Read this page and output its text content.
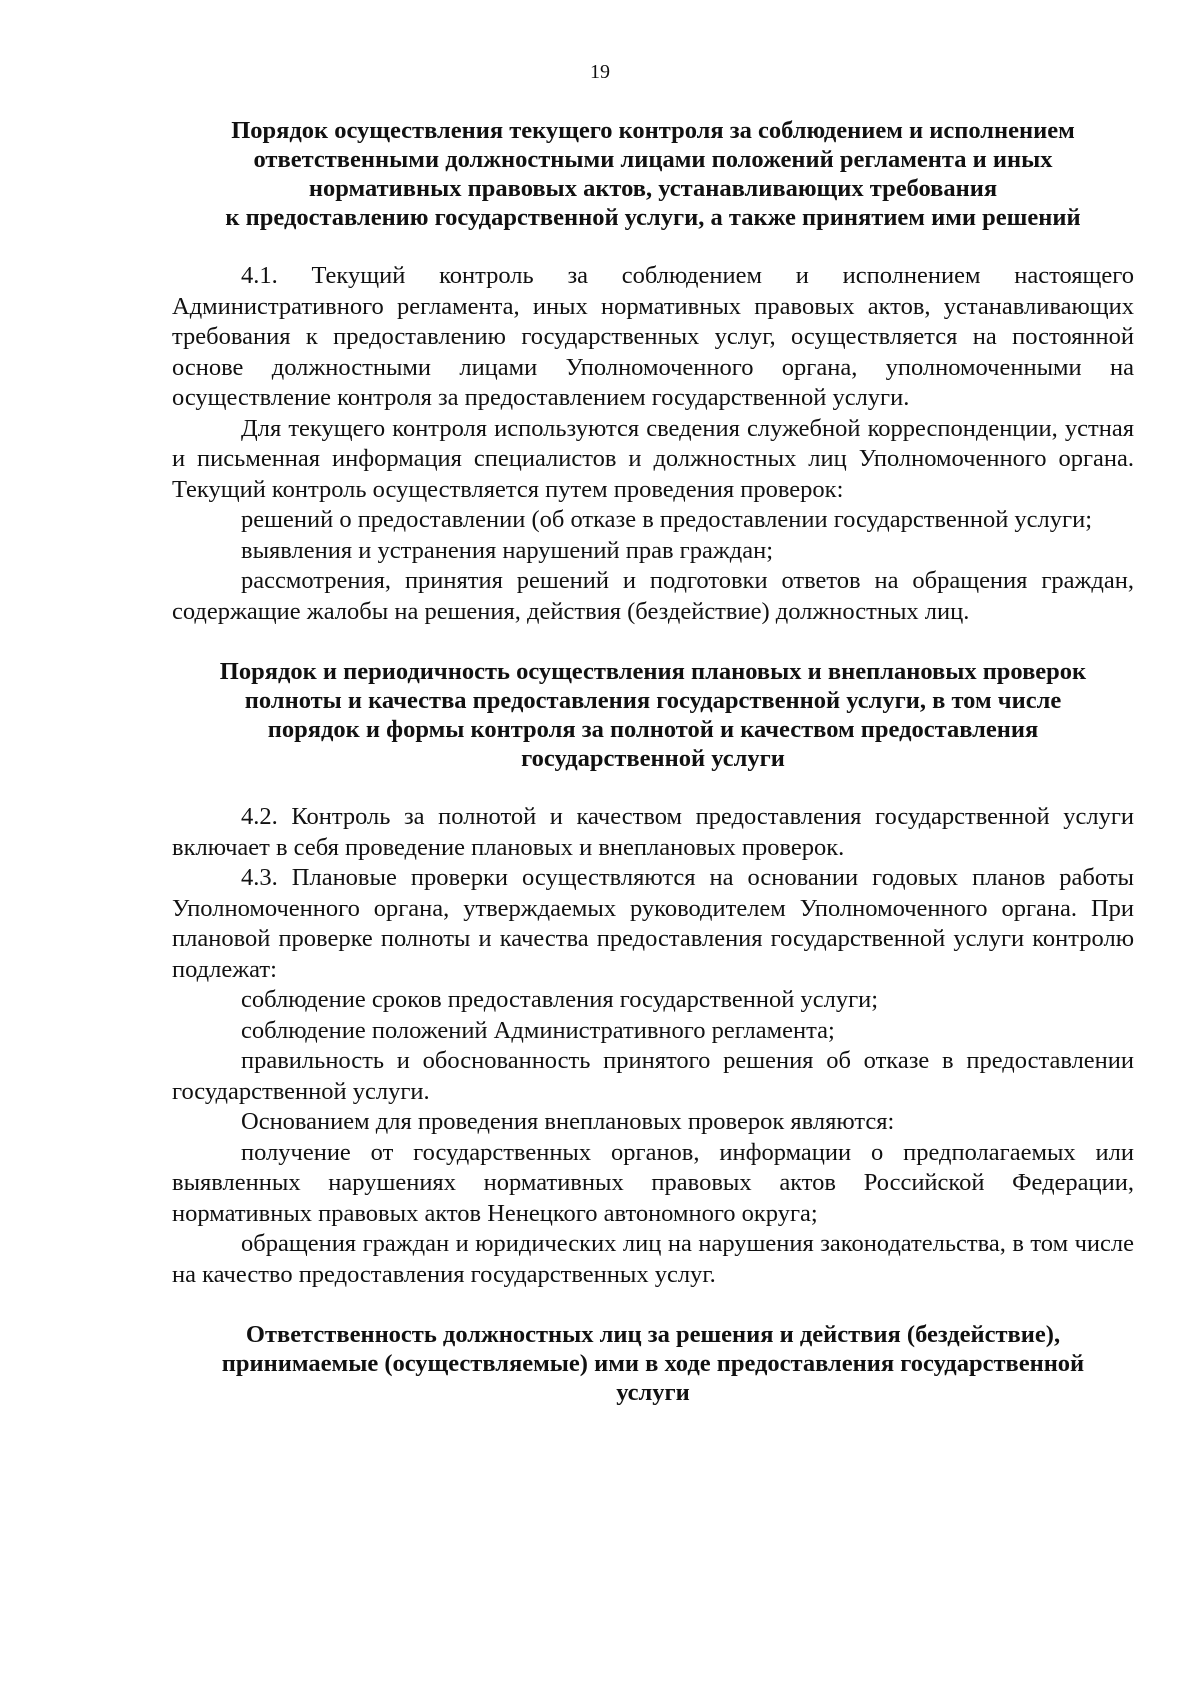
19
Порядок осуществления текущего контроля за соблюдением и исполнением
ответственными должностными лицами положений регламента и иных
нормативных правовых актов, устанавливающих требования
к предоставлению государственной услуги, а также принятием ими решений

4.1. Текущий контроль за соблюдением и исполнением настоящего Административного регламента, иных нормативных правовых актов, устанавливающих требования к предоставлению государственных услуг, осуществляется на постоянной основе должностными лицами Уполномоченного органа, уполномоченными на осуществление контроля за предоставлением государственной услуги.

Для текущего контроля используются сведения служебной корреспонденции, устная и письменная информация специалистов и должностных лиц Уполномоченного органа. Текущий контроль осуществляется путем проведения проверок:

решений о предоставлении (об отказе в предоставлении государственной услуги;

выявления и устранения нарушений прав граждан;

рассмотрения, принятия решений и подготовки ответов на обращения граждан, содержащие жалобы на решения, действия (бездействие) должностных лиц.

Порядок и периодичность осуществления плановых и внеплановых проверок
полноты и качества предоставления государственной услуги, в том числе
порядок и формы контроля за полнотой и качеством предоставления
государственной услуги

4.2. Контроль за полнотой и качеством предоставления государственной услуги включает в себя проведение плановых и внеплановых проверок.

4.3. Плановые проверки осуществляются на основании годовых планов работы Уполномоченного органа, утверждаемых руководителем Уполномоченного органа. При плановой проверке полноты и качества предоставления государственной услуги контролю подлежат:

соблюдение сроков предоставления государственной услуги;

соблюдение положений Административного регламента;

правильность и обоснованность принятого решения об отказе в предоставлении государственной услуги.

Основанием для проведения внеплановых проверок являются:

получение от государственных органов, информации о предполагаемых или выявленных нарушениях нормативных правовых актов Российской Федерации, нормативных правовых актов Ненецкого автономного округа;

обращения граждан и юридических лиц на нарушения законодательства, в том числе на качество предоставления государственных услуг.

Ответственность должностных лиц за решения и действия (бездействие),
принимаемые (осуществляемые) ими в ходе предоставления государственной
услуги
